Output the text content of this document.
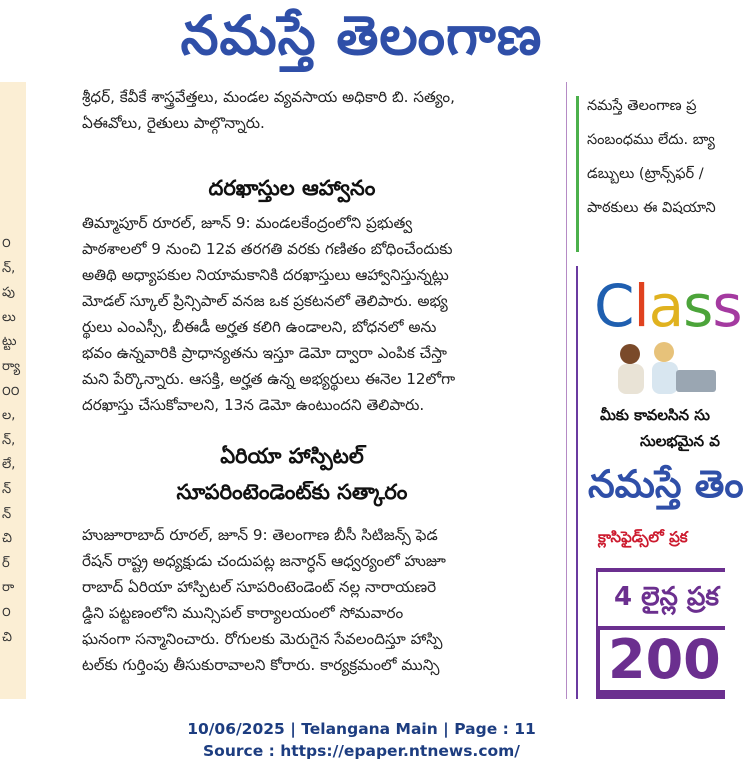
నమస్తే తెలంగాణ
౦
న్,
పు
లు
ట్టు
ర్యా
౦౦
ల,
న్,
లే,
న్
న్
చి
ర్
రా
౦
చి
శ్రీధర్, కేవీకే శాస్త్రవేత్తలు, మండల వ్యవసాయ అధికారి బి. సత్యం,
ఏఈవోలు, రైతులు పాల్గొన్నారు.
దరఖాస్తుల ఆహ్వానం
తిమ్మాపూర్ రూరల్, జూన్ 9: మండలకేంద్రంలోని ప్రభుత్వ
పాఠశాలలో 9 నుంచి 12వ తరగతి వరకు గణితం బోధించేందుకు
అతిథి అధ్యాపకుల నియామకానికి దరఖాస్తులు ఆహ్వానిస్తున్నట్లు
మోడల్ స్కూల్ ప్రిన్సిపాల్ వనజ ఒక ప్రకటనలో తెలిపారు. అభ్య
ర్థులు ఎంఎస్సీ, బీఈడీ అర్హత కలిగి ఉండాలని, బోధనలో అను
భవం ఉన్నవారికి ప్రాధాన్యతను ఇస్తూ డెమో ద్వారా ఎంపిక చేస్తా
మని పేర్కొన్నారు. ఆసక్తి, అర్హత ఉన్న అభ్యర్థులు ఈనెల 12లోగా
దరఖాస్తు చేసుకోవాలని, 13న డెమో ఉంటుందని తెలిపారు.
ఏరియా హాస్పిటల్
సూపరింటెండెంట్‌కు సత్కారం
హుజూరాబాద్ రూరల్, జూన్ 9: తెలంగాణ బీసీ సిటిజన్స్ ఫెడ
రేషన్ రాష్ట్ర అధ్యక్షుడు చందుపట్ల జనార్ధన్ ఆధ్వర్యంలో హుజూ
రాబాద్ ఏరియా హాస్పిటల్ సూపరింటెండెంట్ నల్ల నారాయణరె
డ్డిని పట్టణంలోని మున్సిపల్ కార్యాలయంలో సోమవారం
ఘనంగా సన్మానించారు. రోగులకు మెరుగైన సేవలందిస్తూ హాస్పి
టల్‌కు గుర్తింపు తీసుకురావాలని కోరారు. కార్యక్రమంలో మున్సి
నమస్తే తెలంగాణ ప్ర
సంబంధము లేదు. బ్యా
డబ్బులు (ట్రాన్స్‌ఫర్ /
పాఠకులు ఈ విషయాని
Class
మీకు కావలసిన సు
సులభమైన వ
నమస్తే తెం
క్లాసిఫైడ్స్‌లో ప్రక
4 లైన్ల ప్రక
200
10/06/2025 | Telangana Main | Page : 11
Source : https://epaper.ntnews.com/
